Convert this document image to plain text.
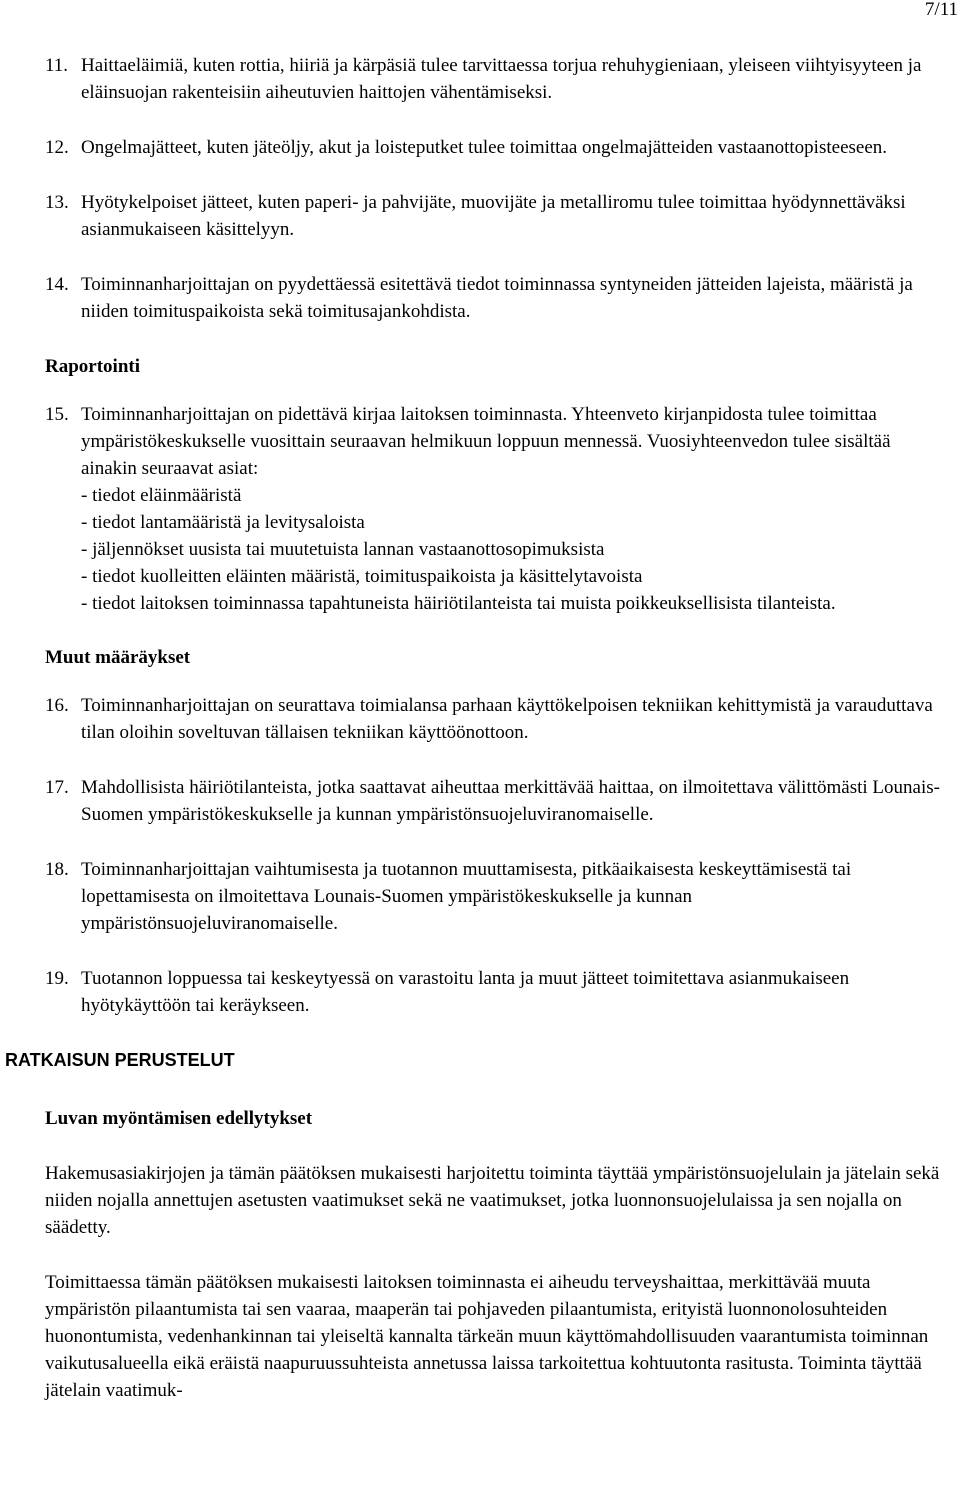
7/11
11. Haittaeläimiä, kuten rottia, hiiriä ja kärpäsiä tulee tarvittaessa torjua rehuhygieniaan, yleiseen viihtyisyyteen ja eläinsuojan rakenteisiin aiheutuvien haittojen vähentämiseksi.
12. Ongelmajätteet, kuten jäteöljy, akut ja loisteputket tulee toimittaa ongelmajätteiden vastaanottopisteeseen.
13. Hyötykelpoiset jätteet, kuten paperi- ja pahvijäte, muovijäte ja metalliromu tulee toimittaa hyödynnettäväksi asianmukaiseen käsittelyyn.
14. Toiminnanharjoittajan on pyydettäessä esitettävä tiedot toiminnassa syntyneiden jätteiden lajeista, määristä ja niiden toimituspaikoista sekä toimitusajankohdista.
Raportointi
15. Toiminnanharjoittajan on pidettävä kirjaa laitoksen toiminnasta. Yhteenveto kirjanpidosta tulee toimittaa ympäristökeskukselle vuosittain seuraavan helmikuun loppuun mennessä. Vuosiyhteenvedon tulee sisältää ainakin seuraavat asiat:

- tiedot eläinmääristä

- tiedot lantamääristä ja levitysaloista

- jäljennökset uusista tai muutetuista lannan vastaanottosopimuksista

- tiedot kuolleitten eläinten määristä, toimituspaikoista ja käsittelytavoista

- tiedot laitoksen toiminnassa tapahtuneista häiriötilanteista tai muista poikkeuksellisista tilanteista.

Muut määräykset
16. Toiminnanharjoittajan on seurattava toimialansa parhaan käyttökelpoisen tekniikan kehittymistä ja varauduttava tilan oloihin soveltuvan tällaisen tekniikan käyttöönottoon.
17. Mahdollisista häiriötilanteista, jotka saattavat aiheuttaa merkittävää haittaa, on ilmoitettava välittömästi Lounais-Suomen ympäristökeskukselle ja kunnan ympäristönsuojeluviranomaiselle.
18. Toiminnanharjoittajan vaihtumisesta ja tuotannon muuttamisesta, pitkäaikaisesta keskeyttämisestä tai lopettamisesta on ilmoitettava Lounais-Suomen ympäristökeskukselle ja kunnan ympäristönsuojeluviranomaiselle.
19. Tuotannon loppuessa tai keskeytyessä on varastoitu lanta ja muut jätteet toimitettava asianmukaiseen hyötykäyttöön tai keräykseen.
RATKAISUN PERUSTELUT
Luvan myöntämisen edellytykset

Hakemusasiakirjojen ja tämän päätöksen mukaisesti harjoitettu toiminta täyttää ympäristönsuojelulain ja jätelain sekä niiden nojalla annettujen asetusten vaatimukset sekä ne vaatimukset, jotka luonnonsuojelulaissa ja sen nojalla on säädetty.

Toimittaessa tämän päätöksen mukaisesti laitoksen toiminnasta ei aiheudu terveyshaittaa, merkittävää muuta ympäristön pilaantumista tai sen vaaraa, maaperän tai pohjaveden pilaantumista, erityistä luonnonolosuhteiden huonontumista, vedenhankinnan tai yleiseltä kannalta tärkeän muun käyttömahdollisuuden vaarantumista toiminnan vaikutusalueella eikä eräistä naapuruussuhteista annetussa laissa tarkoitettua kohtuutonta rasitusta. Toiminta täyttää jätelain vaatimuk-
